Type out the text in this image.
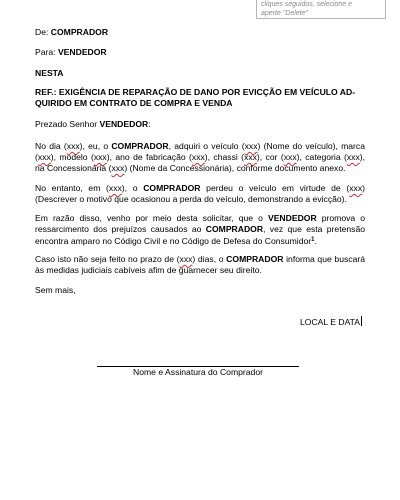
cliques seguidos, selecione e
aperte "Delete"
De: COMPRADOR
Para: VENDEDOR
NESTA
REF.: EXIGÊNCIA DE REPARAÇÃO DE DANO POR EVICÇÃO EM VEÍCULO AD-
QUIRIDO EM CONTRATO DE COMPRA E VENDA
Prezado Senhor VENDEDOR:
No dia (xxx), eu, o COMPRADOR, adquiri o veículo (xxx) (Nome do veículo), marca (xxx), modelo (xxx), ano de fabricação (xxx), chassi (xxx), cor (xxx), categoria (xxx), na Concessionária (xxx) (Nome da Concessionária), conforme documento anexo.
No entanto, em (xxx), o COMPRADOR perdeu o veículo em virtude de (xxx) (Descrever o motivo que ocasionou a perda do veículo, demonstrando a evicção).
Em razão disso, venho por meio desta solicitar, que o VENDEDOR promova o ressarcimento dos prejuízos causados ao COMPRADOR, vez que esta pretensão encontra amparo no Código Civil e no Código de Defesa do Consumidor$^1$.
Caso isto não seja feito no prazo de (xxx) dias, o COMPRADOR informa que buscará às medidas judiciais cabíveis afim de guarnecer seu direito.
Sem mais,
LOCAL E DATA
Nome e Assinatura do Comprador
